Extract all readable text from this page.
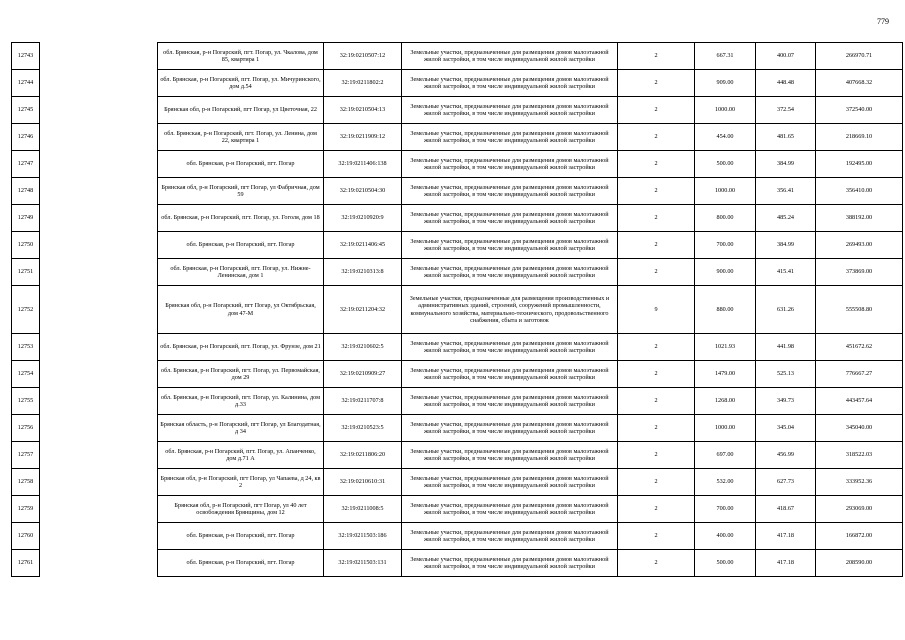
779
12743		обл. Брянская, р-н Погарский, пгт. Погар, ул. Чкалова, дом 85, квартира 1	32:19:0210507:12	Земельные участки, предназначенные для размещения домов малоэтажной жилой застройки, в том числе индивидуальной жилой застройки	2	667.31	400.07	266970.71
12744		обл. Брянская, р-н Погарский, пгт. Погар, ул. Мичуринского, дом д.54	32:19:0211802:2	Земельные участки, предназначенные для размещения домов малоэтажной жилой застройки, в том числе индивидуальной жилой застройки	2	909.00	448.48	407668.32
12745		Брянская обл, р-н Погарский, пгт Погар, ул Цветочная, 22	32:19:0210504:13	Земельные участки, предназначенные для размещения домов малоэтажной жилой застройки, в том числе индивидуальной жилой застройки	2	1000.00	372.54	372540.00
12746		обл. Брянская, р-н Погарский, пгт. Погар, ул. Ленина, дом 22, квартира 1	32:19:0211909:12	Земельные участки, предназначенные для размещения домов малоэтажной жилой застройки, в том числе индивидуальной жилой застройки	2	454.00	481.65	218669.10
12747		обл. Брянская, р-н Погарский, пгт. Погар	32:19:0211406:138	Земельные участки, предназначенные для размещения домов малоэтажной жилой застройки, в том числе индивидуальной жилой застройки	2	500.00	384.99	192495.00
12748		Брянская обл, р-н Погарский, пгт Погар, ул Фабричная, дом 59	32:19:0210504:30	Земельные участки, предназначенные для размещения домов малоэтажной жилой застройки, в том числе индивидуальной жилой застройки	2	1000.00	356.41	356410.00
12749		обл. Брянская, р-н Погарский, пгт. Погар, ул. Гоголя, дом 18	32:19:0210920:9	Земельные участки, предназначенные для размещения домов малоэтажной жилой застройки, в том числе индивидуальной жилой застройки	2	800.00	485.24	388192.00
12750		обл. Брянская, р-н Погарский, пгт. Погар	32:19:0211406:45	Земельные участки, предназначенные для размещения домов малоэтажной жилой застройки, в том числе индивидуальной жилой застройки	2	700.00	384.99	269493.00
12751		обл. Брянская, р-н Погарский, пгт. Погар, ул. Нижне-Ленинская, дом 1	32:19:0210313:8	Земельные участки, предназначенные для размещения домов малоэтажной жилой застройки, в том числе индивидуальной жилой застройки	2	900.00	415.41	373869.00
12752		Брянская обл, р-н Погарский, пгт Погар, ул Октябрьская, дом 47-М	32:19:0211204:32	Земельные участки, предназначенные для размещения производственных и административных зданий, строений, сооружений промышленности, коммунального хозяйства, материально-технического, продовольственного снабжения, сбыта и заготовок	9	880.00	631.26	555508.80
12753		обл. Брянская, р-н Погарский, пгт. Погар, ул. Фрунзе, дом 21	32:19:0210602:5	Земельные участки, предназначенные для размещения домов малоэтажной жилой застройки, в том числе индивидуальной жилой застройки	2	1021.93	441.98	451672.62
12754		обл. Брянская, р-н Погарский, пгт. Погар, ул. Первомайская, дом 29	32:19:0210909:27	Земельные участки, предназначенные для размещения домов малоэтажной жилой застройки, в том числе индивидуальной жилой застройки	2	1479.00	525.13	776667.27
12755		обл. Брянская, р-н Погарский, пгт. Погар, ул. Калинина, дом д.33	32:19:0211707:8	Земельные участки, предназначенные для размещения домов малоэтажной жилой застройки, в том числе индивидуальной жилой застройки	2	1268.00	349.73	443457.64
12756		Брянская область, р-н Погарский, пгт Погар, ул Благодатная, д 34	32:19:0210523:5	Земельные участки, предназначенные для размещения домов малоэтажной жилой застройки, в том числе индивидуальной жилой застройки	2	1000.00	345.04	345040.00
12757		обл. Брянская, р-н Погарский, пгт. Погар, ул. Апанченко, дом д.71 А	32:19:0211806:20	Земельные участки, предназначенные для размещения домов малоэтажной жилой застройки, в том числе индивидуальной жилой застройки	2	697.00	456.99	318522.03
12758		Брянская обл, р-н Погарский, пгт Погар, ул Чапаева, д 24, кв 2	32:19:0210610:31	Земельные участки, предназначенные для размещения домов малоэтажной жилой застройки, в том числе индивидуальной жилой застройки	2	532.00	627.73	333952.36
12759		Брянская обл, р-н Погарский, пгт Погар, ул 40 лет освобождения Брянщины, дом 12	32:19:0211008:5	Земельные участки, предназначенные для размещения домов малоэтажной жилой застройки, в том числе индивидуальной жилой застройки	2	700.00	418.67	293069.00
12760		обл. Брянская, р-н Погарский, пгт. Погар	32:19:0211503:186	Земельные участки, предназначенные для размещения домов малоэтажной жилой застройки, в том числе индивидуальной жилой застройки	2	400.00	417.18	166872.00
12761		обл. Брянская, р-н Погарский, пгт. Погар	32:19:0211503:131	Земельные участки, предназначенные для размещения домов малоэтажной жилой застройки, в том числе индивидуальной жилой застройки	2	500.00	417.18	208590.00
